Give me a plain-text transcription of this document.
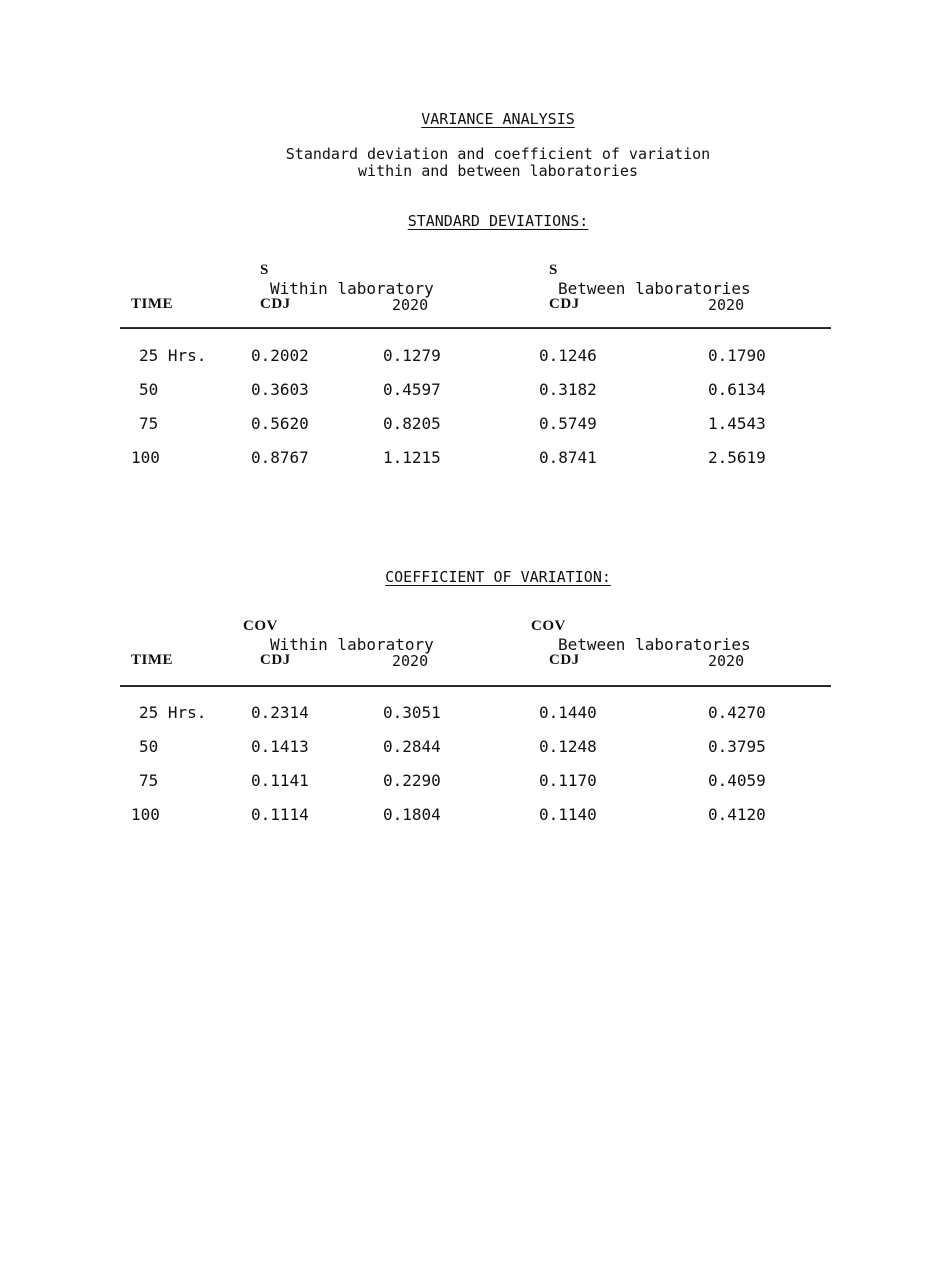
VARIANCE ANALYSIS
Standard deviation and coefficient of variation
within and between laboratories
STANDARD DEVIATIONS:
S	S
Within laboratory	Between laboratories
TIME	CDJ	2020	CDJ	2020
25 Hrs.	0.2002	0.1279	0.1246	0.1790
50	0.3603	0.4597	0.3182	0.6134
75	0.5620	0.8205	0.5749	1.4543
100	0.8767	1.1215	0.8741	2.5619
COEFFICIENT OF VARIATION:
COV	COV
Within laboratory	Between laboratories
TIME	CDJ	2020	CDJ	2020
25 Hrs.	0.2314	0.3051	0.1440	0.4270
50	0.1413	0.2844	0.1248	0.3795
75	0.1141	0.2290	0.1170	0.4059
100	0.1114	0.1804	0.1140	0.4120
